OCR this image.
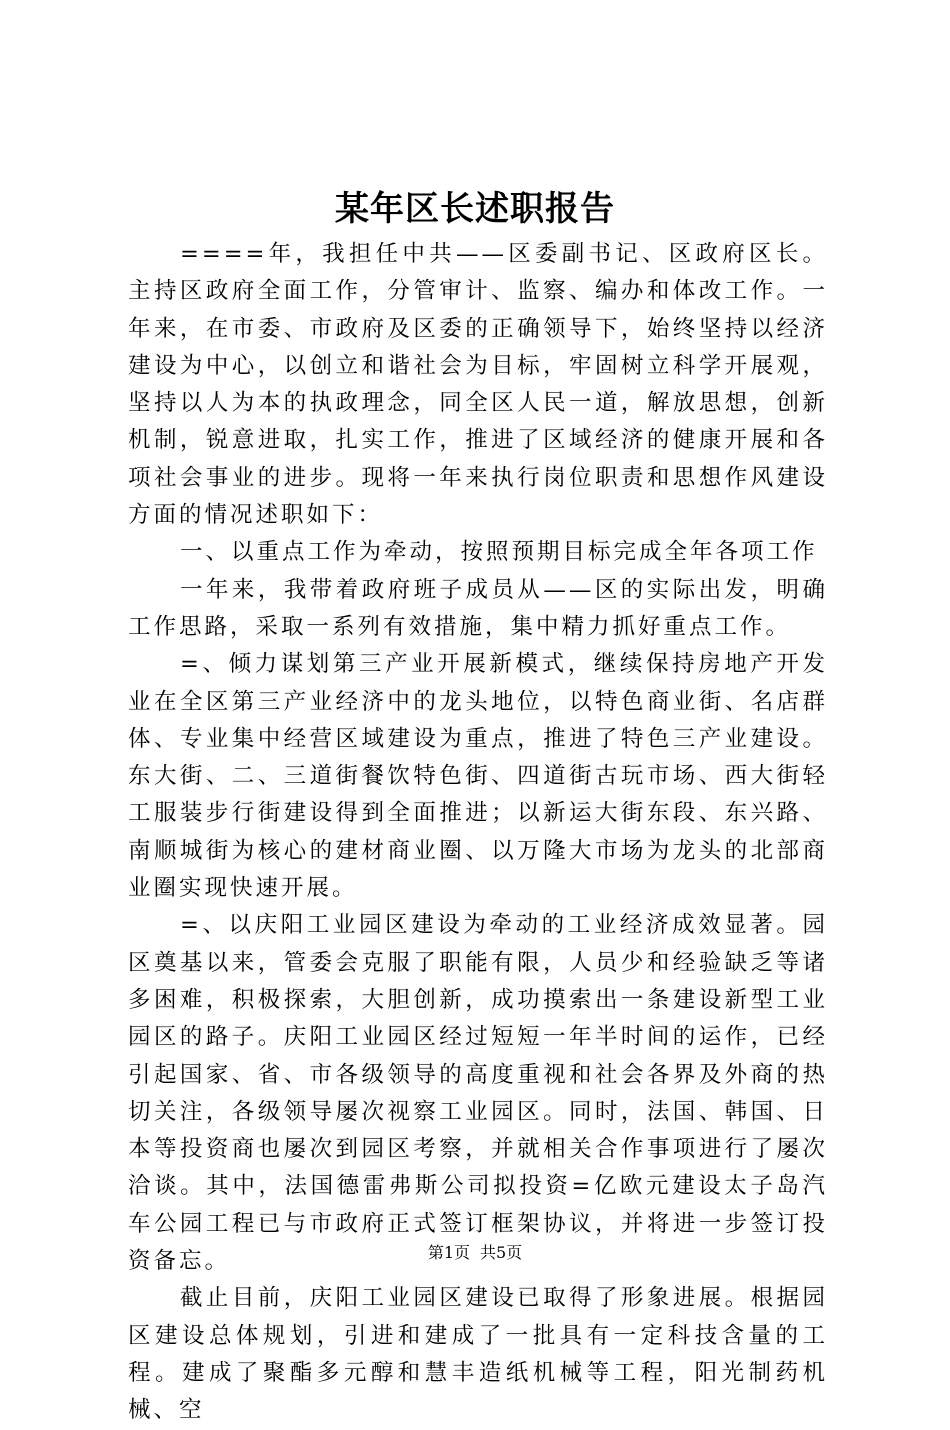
某年区长述职报告

====年，我担任中共——区委副书记、区政府区长。主持区政府全面工作，分管审计、监察、编办和体改工作。一年来，在市委、市政府及区委的正确领导下，始终坚持以经济建设为中心，以创立和谐社会为目标，牢固树立科学开展观，坚持以人为本的执政理念，同全区人民一道，解放思想，创新机制，锐意进取，扎实工作，推进了区域经济的健康开展和各项社会事业的进步。现将一年来执行岗位职责和思想作风建设方面的情况述职如下：

一、以重点工作为牵动，按照预期目标完成全年各项工作

一年来，我带着政府班子成员从——区的实际出发，明确工作思路，采取一系列有效措施，集中精力抓好重点工作。

=、倾力谋划第三产业开展新模式，继续保持房地产开发业在全区第三产业经济中的龙头地位，以特色商业街、名店群体、专业集中经营区域建设为重点，推进了特色三产业建设。东大街、二、三道街餐饮特色街、四道街古玩市场、西大街轻工服装步行街建设得到全面推进；以新运大街东段、东兴路、南顺城街为核心的建材商业圈、以万隆大市场为龙头的北部商业圈实现快速开展。

=、以庆阳工业园区建设为牵动的工业经济成效显著。园区奠基以来，管委会克服了职能有限，人员少和经验缺乏等诸多困难，积极探索，大胆创新，成功摸索出一条建设新型工业园区的路子。庆阳工业园区经过短短一年半时间的运作，已经引起国家、省、市各级领导的高度重视和社会各界及外商的热切关注，各级领导屡次视察工业园区。同时，法国、韩国、日本等投资商也屡次到园区考察，并就相关合作事项进行了屡次洽谈。其中，法国德雷弗斯公司拟投资=亿欧元建设太子岛汽车公园工程已与市政府正式签订框架协议，并将进一步签订投资备忘。

截止目前，庆阳工业园区建设已取得了形象进展。根据园区建设总体规划，引进和建成了一批具有一定科技含量的工程。建成了聚酯多元醇和慧丰造纸机械等工程，阳光制药机械、空

第1页 共5页
